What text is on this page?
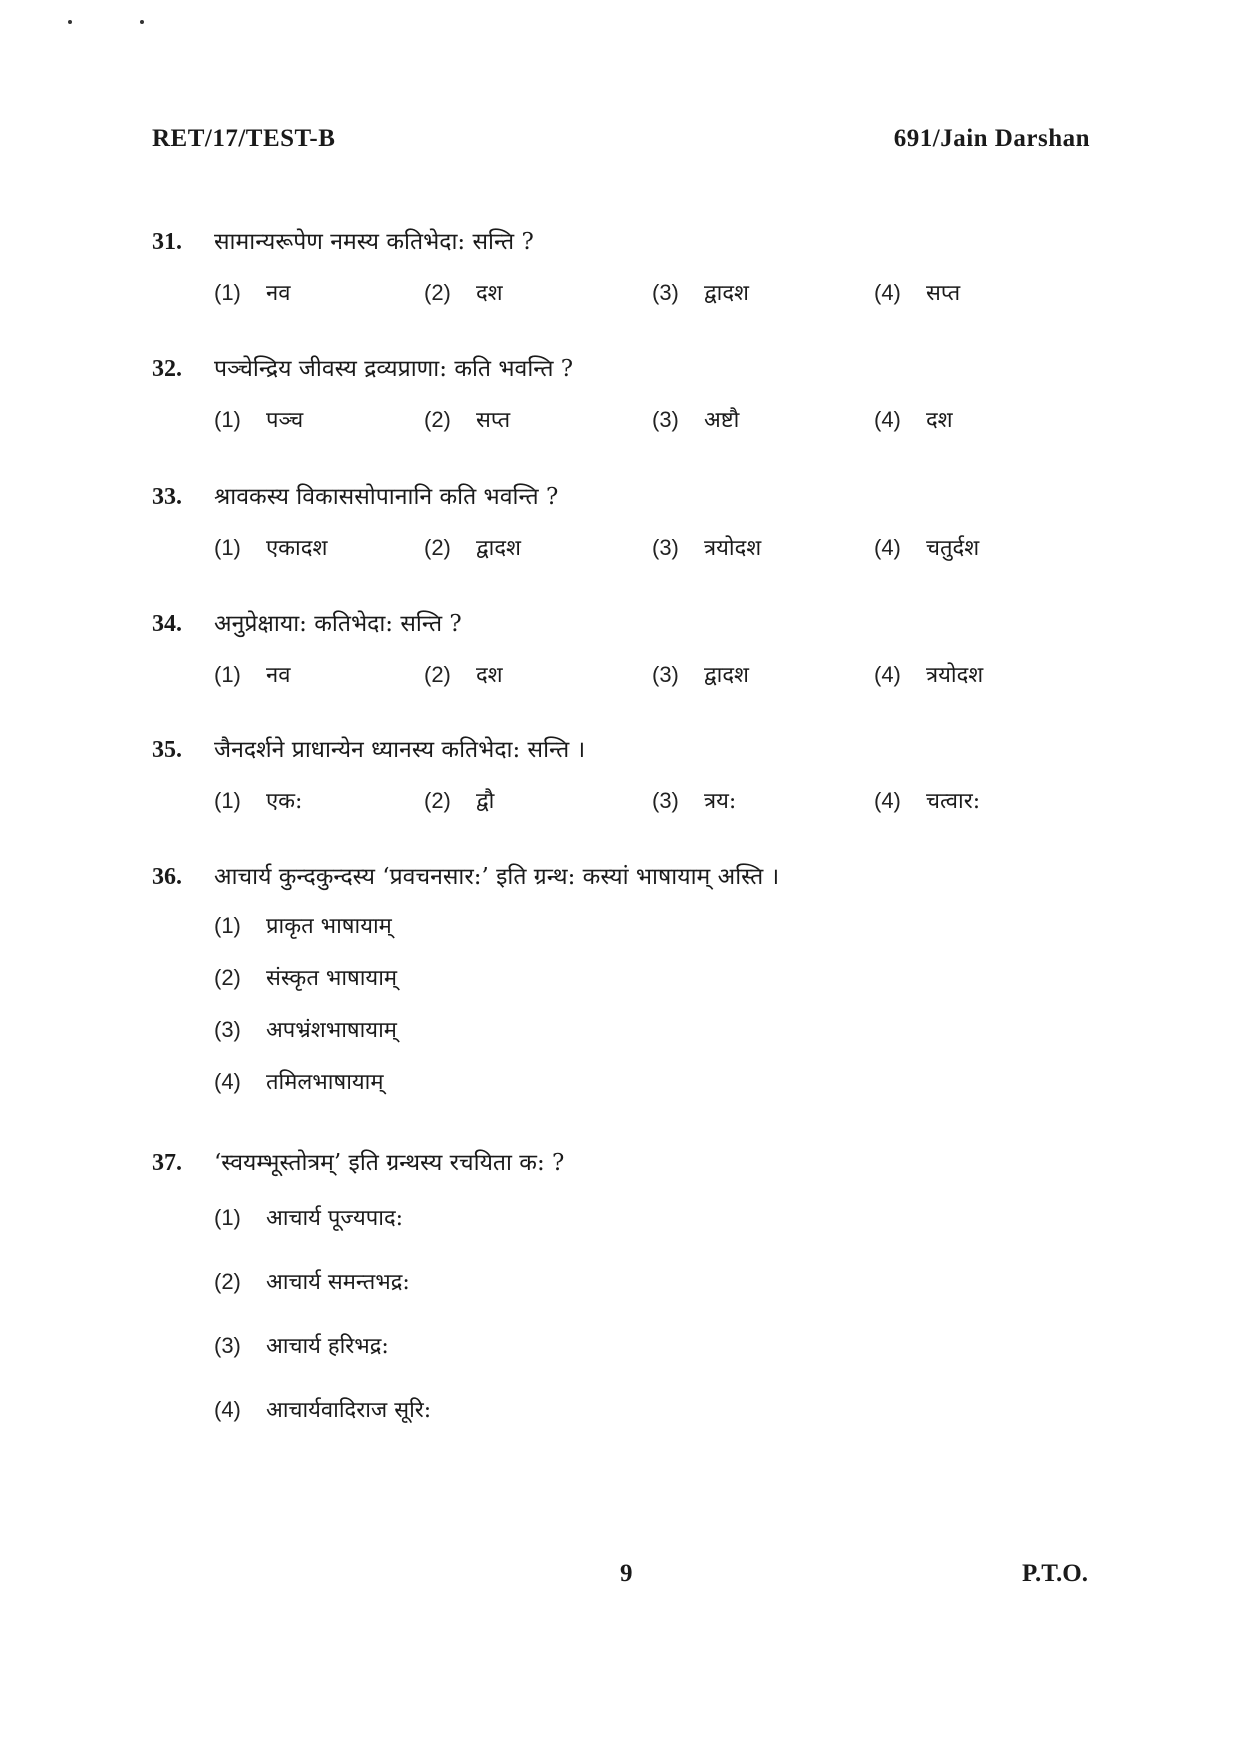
RET/17/TEST-B	691/Jain Darshan
31.	सामान्यरूपेण नमस्य कतिभेदा: सन्ति ?
(1)	नव	(2)	दश	(3)	द्वादश	(4)	सप्त
32.	पञ्चेन्द्रिय जीवस्य द्रव्यप्राणा: कति भवन्ति ?
(1)	पञ्च	(2)	सप्त	(3)	अष्टौ	(4)	दश
33.	श्रावकस्य विकाससोपानानि कति भवन्ति ?
(1)	एकादश	(2)	द्वादश	(3)	त्रयोदश	(4)	चतुर्दश
34.	अनुप्रेक्षाया: कतिभेदा: सन्ति ?
(1)	नव	(2)	दश	(3)	द्वादश	(4)	त्रयोदश
35.	जैनदर्शने प्राधान्येन ध्यानस्य कतिभेदा: सन्ति ।
(1)	एक:	(2)	द्वौ	(3)	त्रय:	(4)	चत्वार:
36.	आचार्य कुन्दकुन्दस्य ‘प्रवचनसार:’ इति ग्रन्थ: कस्यां भाषायाम् अस्ति ।
(1)	प्राकृत भाषायाम्
(2)	संस्कृत भाषायाम्
(3)	अपभ्रंशभाषायाम्
(4)	तमिलभाषायाम्
37.	‘स्वयम्भूस्तोत्रम्’ इति ग्रन्थस्य रचयिता क: ?
(1)	आचार्य पूज्यपाद:
(2)	आचार्य समन्तभद्र:
(3)	आचार्य हरिभद्र:
(4)	आचार्यवादिराज सूरि:
9	P.T.O.
